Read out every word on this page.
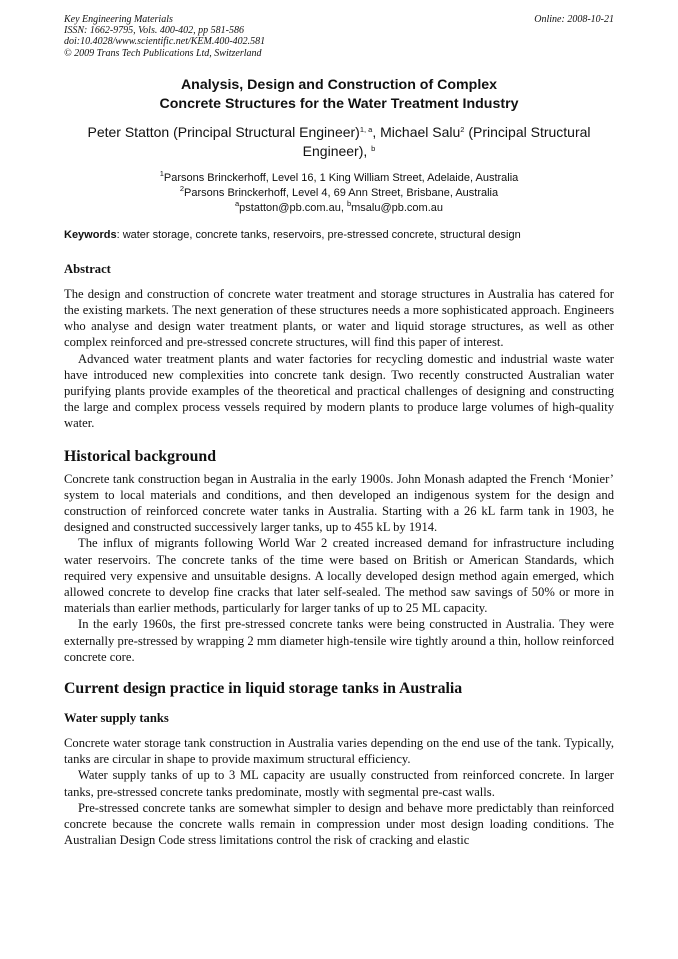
Key Engineering Materials
ISSN: 1662-9795, Vols. 400-402, pp 581-586
doi:10.4028/www.scientific.net/KEM.400-402.581
© 2009 Trans Tech Publications Ltd, Switzerland
Online: 2008-10-21
Analysis, Design and Construction of Complex
Concrete Structures for the Water Treatment Industry
Peter Statton (Principal Structural Engineer)$^{1, a}$, Michael Salu$^2$ (Principal Structural Engineer), $^b$
$^1$Parsons Brinckerhoff, Level 16, 1 King William Street, Adelaide, Australia
$^2$Parsons Brinckerhoff, Level 4, 69 Ann Street, Brisbane, Australia
$^a$pstatton@pb.com.au, $^b$msalu@pb.com.au
Keywords: water storage, concrete tanks, reservoirs, pre-stressed concrete, structural design
Abstract

The design and construction of concrete water treatment and storage structures in Australia has catered for the existing markets. The next generation of these structures needs a more sophisticated approach. Engineers who analyse and design water treatment plants, or water and liquid storage structures, as well as other complex reinforced and pre-stressed concrete structures, will find this paper of interest.

Advanced water treatment plants and water factories for recycling domestic and industrial waste water have introduced new complexities into concrete tank design. Two recently constructed Australian water purifying plants provide examples of the theoretical and practical challenges of designing and constructing the large and complex process vessels required by modern plants to produce large volumes of high-quality water.

Historical background

Concrete tank construction began in Australia in the early 1900s. John Monash adapted the French ‘Monier’ system to local materials and conditions, and then developed an indigenous system for the design and construction of reinforced concrete water tanks in Australia. Starting with a 26 kL farm tank in 1903, he designed and constructed successively larger tanks, up to 455 kL by 1914.

The influx of migrants following World War 2 created increased demand for infrastructure including water reservoirs. The concrete tanks of the time were based on British or American Standards, which required very expensive and unsuitable designs. A locally developed design method again emerged, which allowed concrete to develop fine cracks that later self-sealed. The method saw savings of 50% or more in materials than earlier methods, particularly for larger tanks of up to 25 ML capacity.

In the early 1960s, the first pre-stressed concrete tanks were being constructed in Australia. They were externally pre-stressed by wrapping 2 mm diameter high-tensile wire tightly around a thin, hollow reinforced concrete core.

Current design practice in liquid storage tanks in Australia
Water supply tanks

Concrete water storage tank construction in Australia varies depending on the end use of the tank. Typically, tanks are circular in shape to provide maximum structural efficiency.

Water supply tanks of up to 3 ML capacity are usually constructed from reinforced concrete. In larger tanks, pre-stressed concrete tanks predominate, mostly with segmental pre-cast walls.

Pre-stressed concrete tanks are somewhat simpler to design and behave more predictably than reinforced concrete because the concrete walls remain in compression under most design loading conditions. The Australian Design Code stress limitations control the risk of cracking and elastic
